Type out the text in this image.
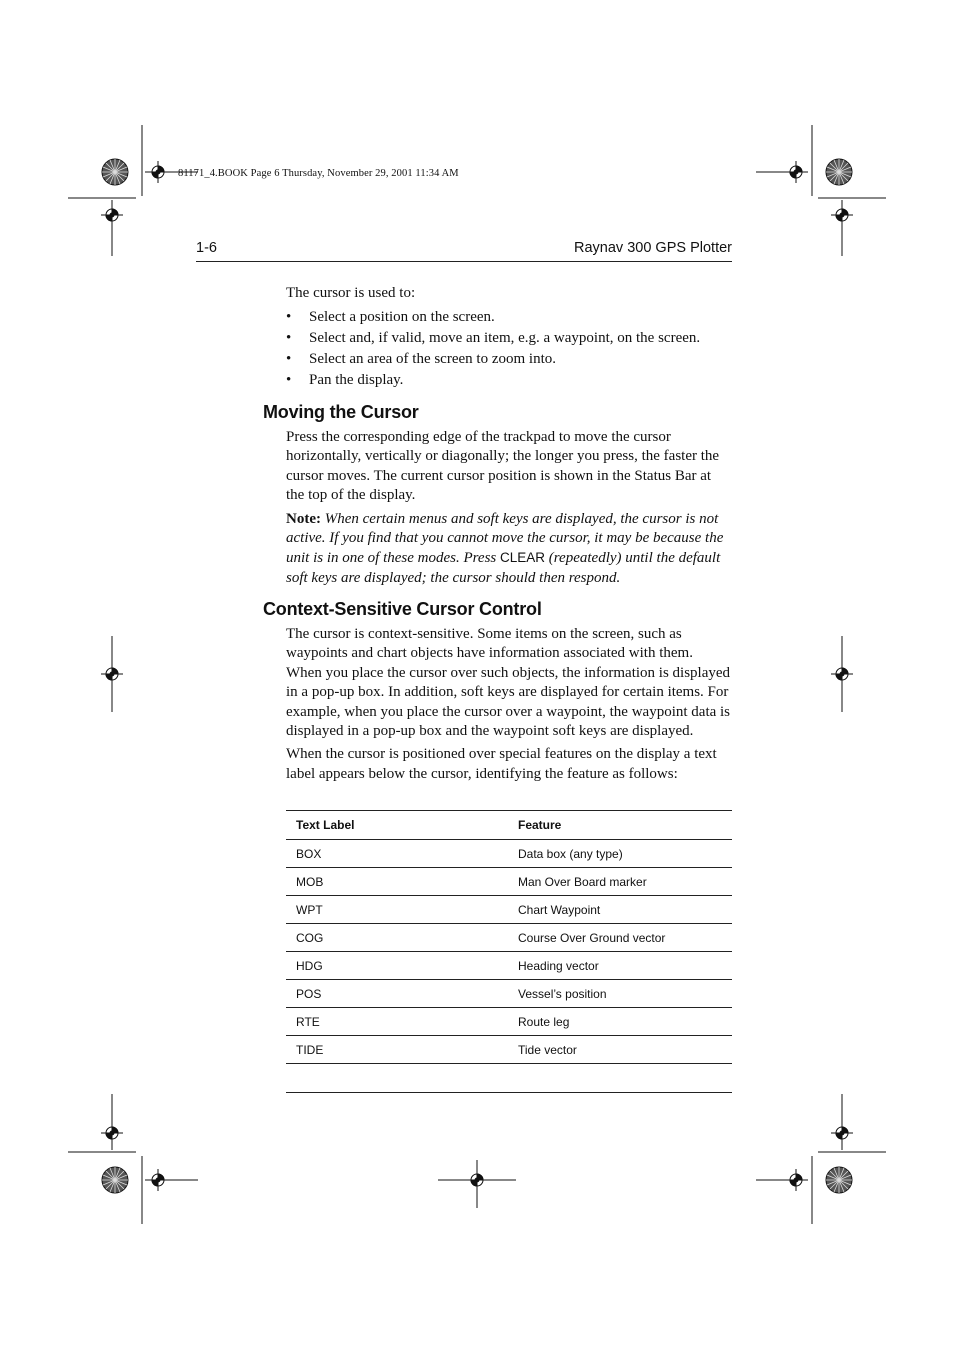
81171_4.BOOK Page 6 Thursday, November 29, 2001 11:34 AM
1-6	Raynav 300 GPS Plotter

The cursor is used to:

• Select a position on the screen.
• Select and, if valid, move an item, e.g. a waypoint, on the screen.
• Select an area of the screen to zoom into.
• Pan the display.
Moving the Cursor

Press the corresponding edge of the trackpad to move the cursor horizontally, vertically or diagonally; the longer you press, the faster the cursor moves. The current cursor position is shown in the Status Bar at the top of the display.

Note: When certain menus and soft keys are displayed, the cursor is not active. If you find that you cannot move the cursor, it may be because the unit is in one of these modes. Press CLEAR (repeatedly) until the default soft keys are displayed; the cursor should then respond.

Context-Sensitive Cursor Control

The cursor is context-sensitive. Some items on the screen, such as waypoints and chart objects have information associated with them. When you place the cursor over such objects, the information is displayed in a pop-up box. In addition, soft keys are displayed for certain items. For example, when you place the cursor over a waypoint, the waypoint data is displayed in a pop-up box and the waypoint soft keys are displayed.

When the cursor is positioned over special features on the display a text label appears below the cursor, identifying the feature as follows:

Text Label	Feature
BOX	Data box (any type)
MOB	Man Over Board marker
WPT	Chart Waypoint
COG	Course Over Ground vector
HDG	Heading vector
POS	Vessel’s position
RTE	Route leg
TIDE	Tide vector
